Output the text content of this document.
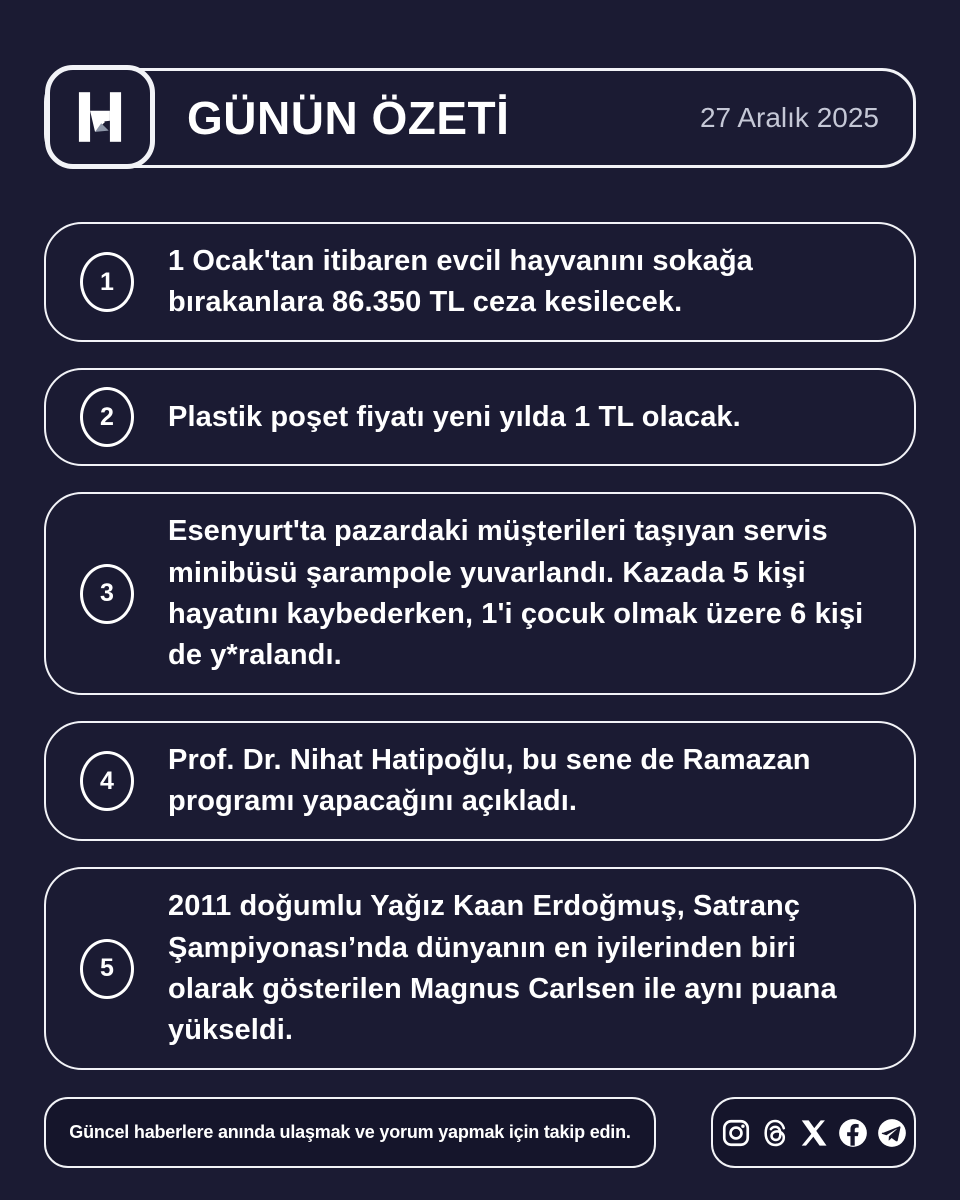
GÜNÜN ÖZETİ	27 Aralık 2025
1
1 Ocak'tan itibaren evcil hayvanını sokağa bırakanlara 86.350 TL ceza kesilecek.
2	Plastik poşet fiyatı yeni yılda 1 TL olacak.
3
Esenyurt'ta pazardaki müşterileri taşıyan servis minibüsü şarampole yuvarlandı. Kazada 5 kişi hayatını kaybederken, 1'i çocuk olmak üzere 6 kişi de y*ralandı.
4
Prof. Dr. Nihat Hatipoğlu, bu sene de Ramazan programı yapacağını açıkladı.
5
2011 doğumlu Yağız Kaan Erdoğmuş, Satranç Şampiyonası’nda dünyanın en iyilerinden biri olarak gösterilen Magnus Carlsen ile aynı puana yükseldi.
Güncel haberlere anında ulaşmak ve yorum yapmak için takip edin.
